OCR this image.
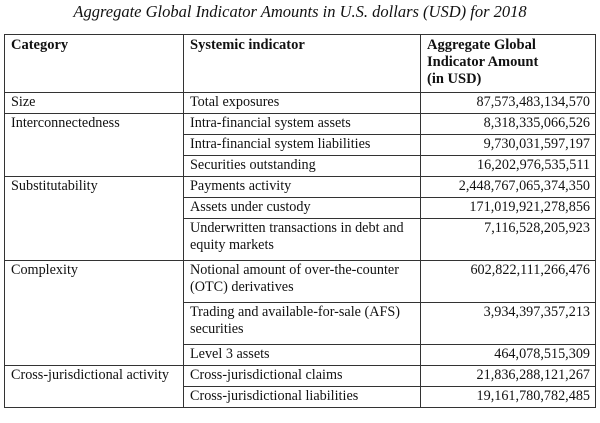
Aggregate Global Indicator Amounts in U.S. dollars (USD) for 2018
Category	Systemic indicator	Aggregate Global
Indicator Amount
(in USD)

Size	Total exposures	87,573,483,134,570
Interconnectedness	Intra-financial system assets	8,318,335,066,526
	Intra-financial system liabilities	9,730,031,597,197
	Securities outstanding	16,202,976,535,511
Substitutability	Payments activity	2,448,767,065,374,350
	Assets under custody	171,019,921,278,856
	Underwritten transactions in debt and equity markets	7,116,528,205,923
Complexity	Notional amount of over-the-counter (OTC) derivatives	602,822,111,266,476
	Trading and available-for-sale (AFS) securities	3,934,397,357,213
	Level 3 assets	464,078,515,309
Cross-jurisdictional activity	Cross-jurisdictional claims	21,836,288,121,267
	Cross-jurisdictional liabilities	19,161,780,782,485
